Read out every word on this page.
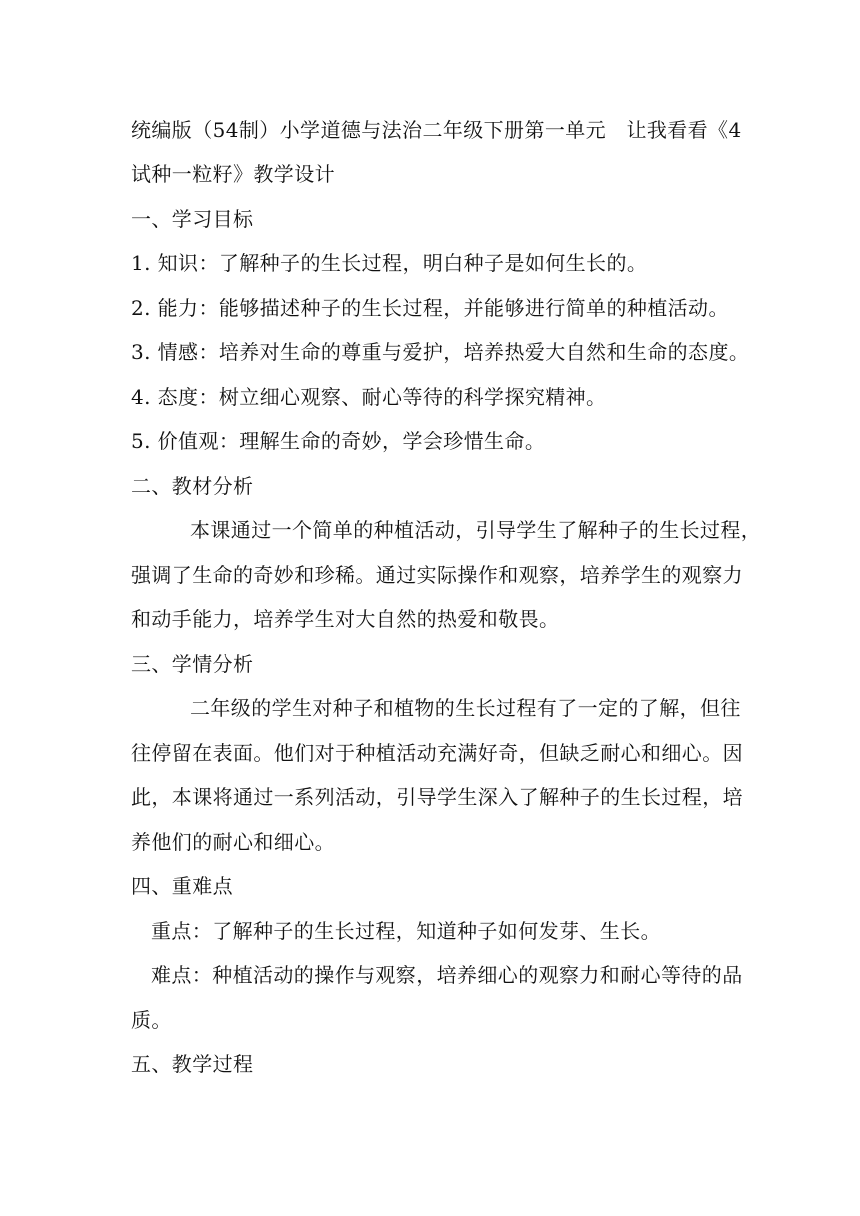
统编版（54制）小学道德与法治二年级下册第一单元　让我看看《4
试种一粒籽》教学设计
一、学习目标
1. 知识：了解种子的生长过程，明白种子是如何生长的。
2. 能力：能够描述种子的生长过程，并能够进行简单的种植活动。
3. 情感：培养对生命的尊重与爱护，培养热爱大自然和生命的态度。
4. 态度：树立细心观察、耐心等待的科学探究精神。
5. 价值观：理解生命的奇妙，学会珍惜生命。
二、教材分析
本课通过一个简单的种植活动，引导学生了解种子的生长过程，
强调了生命的奇妙和珍稀。通过实际操作和观察，培养学生的观察力
和动手能力，培养学生对大自然的热爱和敬畏。
三、学情分析
二年级的学生对种子和植物的生长过程有了一定的了解，但往
往停留在表面。他们对于种植活动充满好奇，但缺乏耐心和细心。因
此，本课将通过一系列活动，引导学生深入了解种子的生长过程，培
养他们的耐心和细心。
四、重难点
重点：了解种子的生长过程，知道种子如何发芽、生长。
难点：种植活动的操作与观察，培养细心的观察力和耐心等待的品
质。
五、教学过程
